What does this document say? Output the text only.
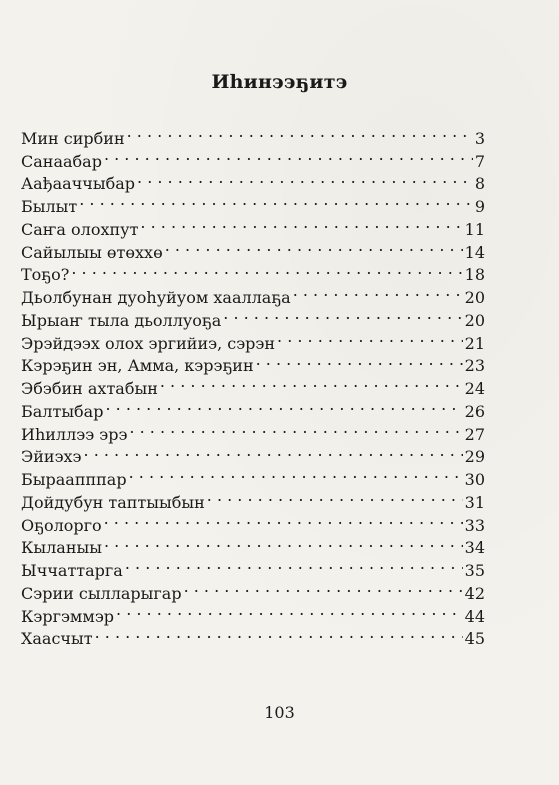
Иһинээҕитэ
Мин сирбин . . .	3
Санаабар . . .	7
Аађааччыбар . . .	8
Былыт . . .	9
Саҥа олохпут . . .	11
Сайылыы өтөххө . . .	14
Тоҕо? . . .	18
Дьолбунан дуоһуйуом хааллаҕа . . .	20
Ырыаҥ тыла дьоллуоҕа . . .	20
Эрэйдээх олох эргийиэ, сэрэн . . .	21
Кэрэҕин эн, Амма, кэрэҕин . . .	23
Эбэбин ахтабын . . .	24
Балтыбар . . .	26
Иһиллээ эрэ . . .	27
Эйиэхэ . . .	29
Быраапппар . . .	30
Дойдубун таптыыбын . . .	31
Оҕолорго . . .	33
Кыланыы . . .	34
Ыччаттарга . . .	35
Сэрии сылларыгар . . .	42
Кэргэммэр . . .	44
Хаасчыт . . .	45
103
